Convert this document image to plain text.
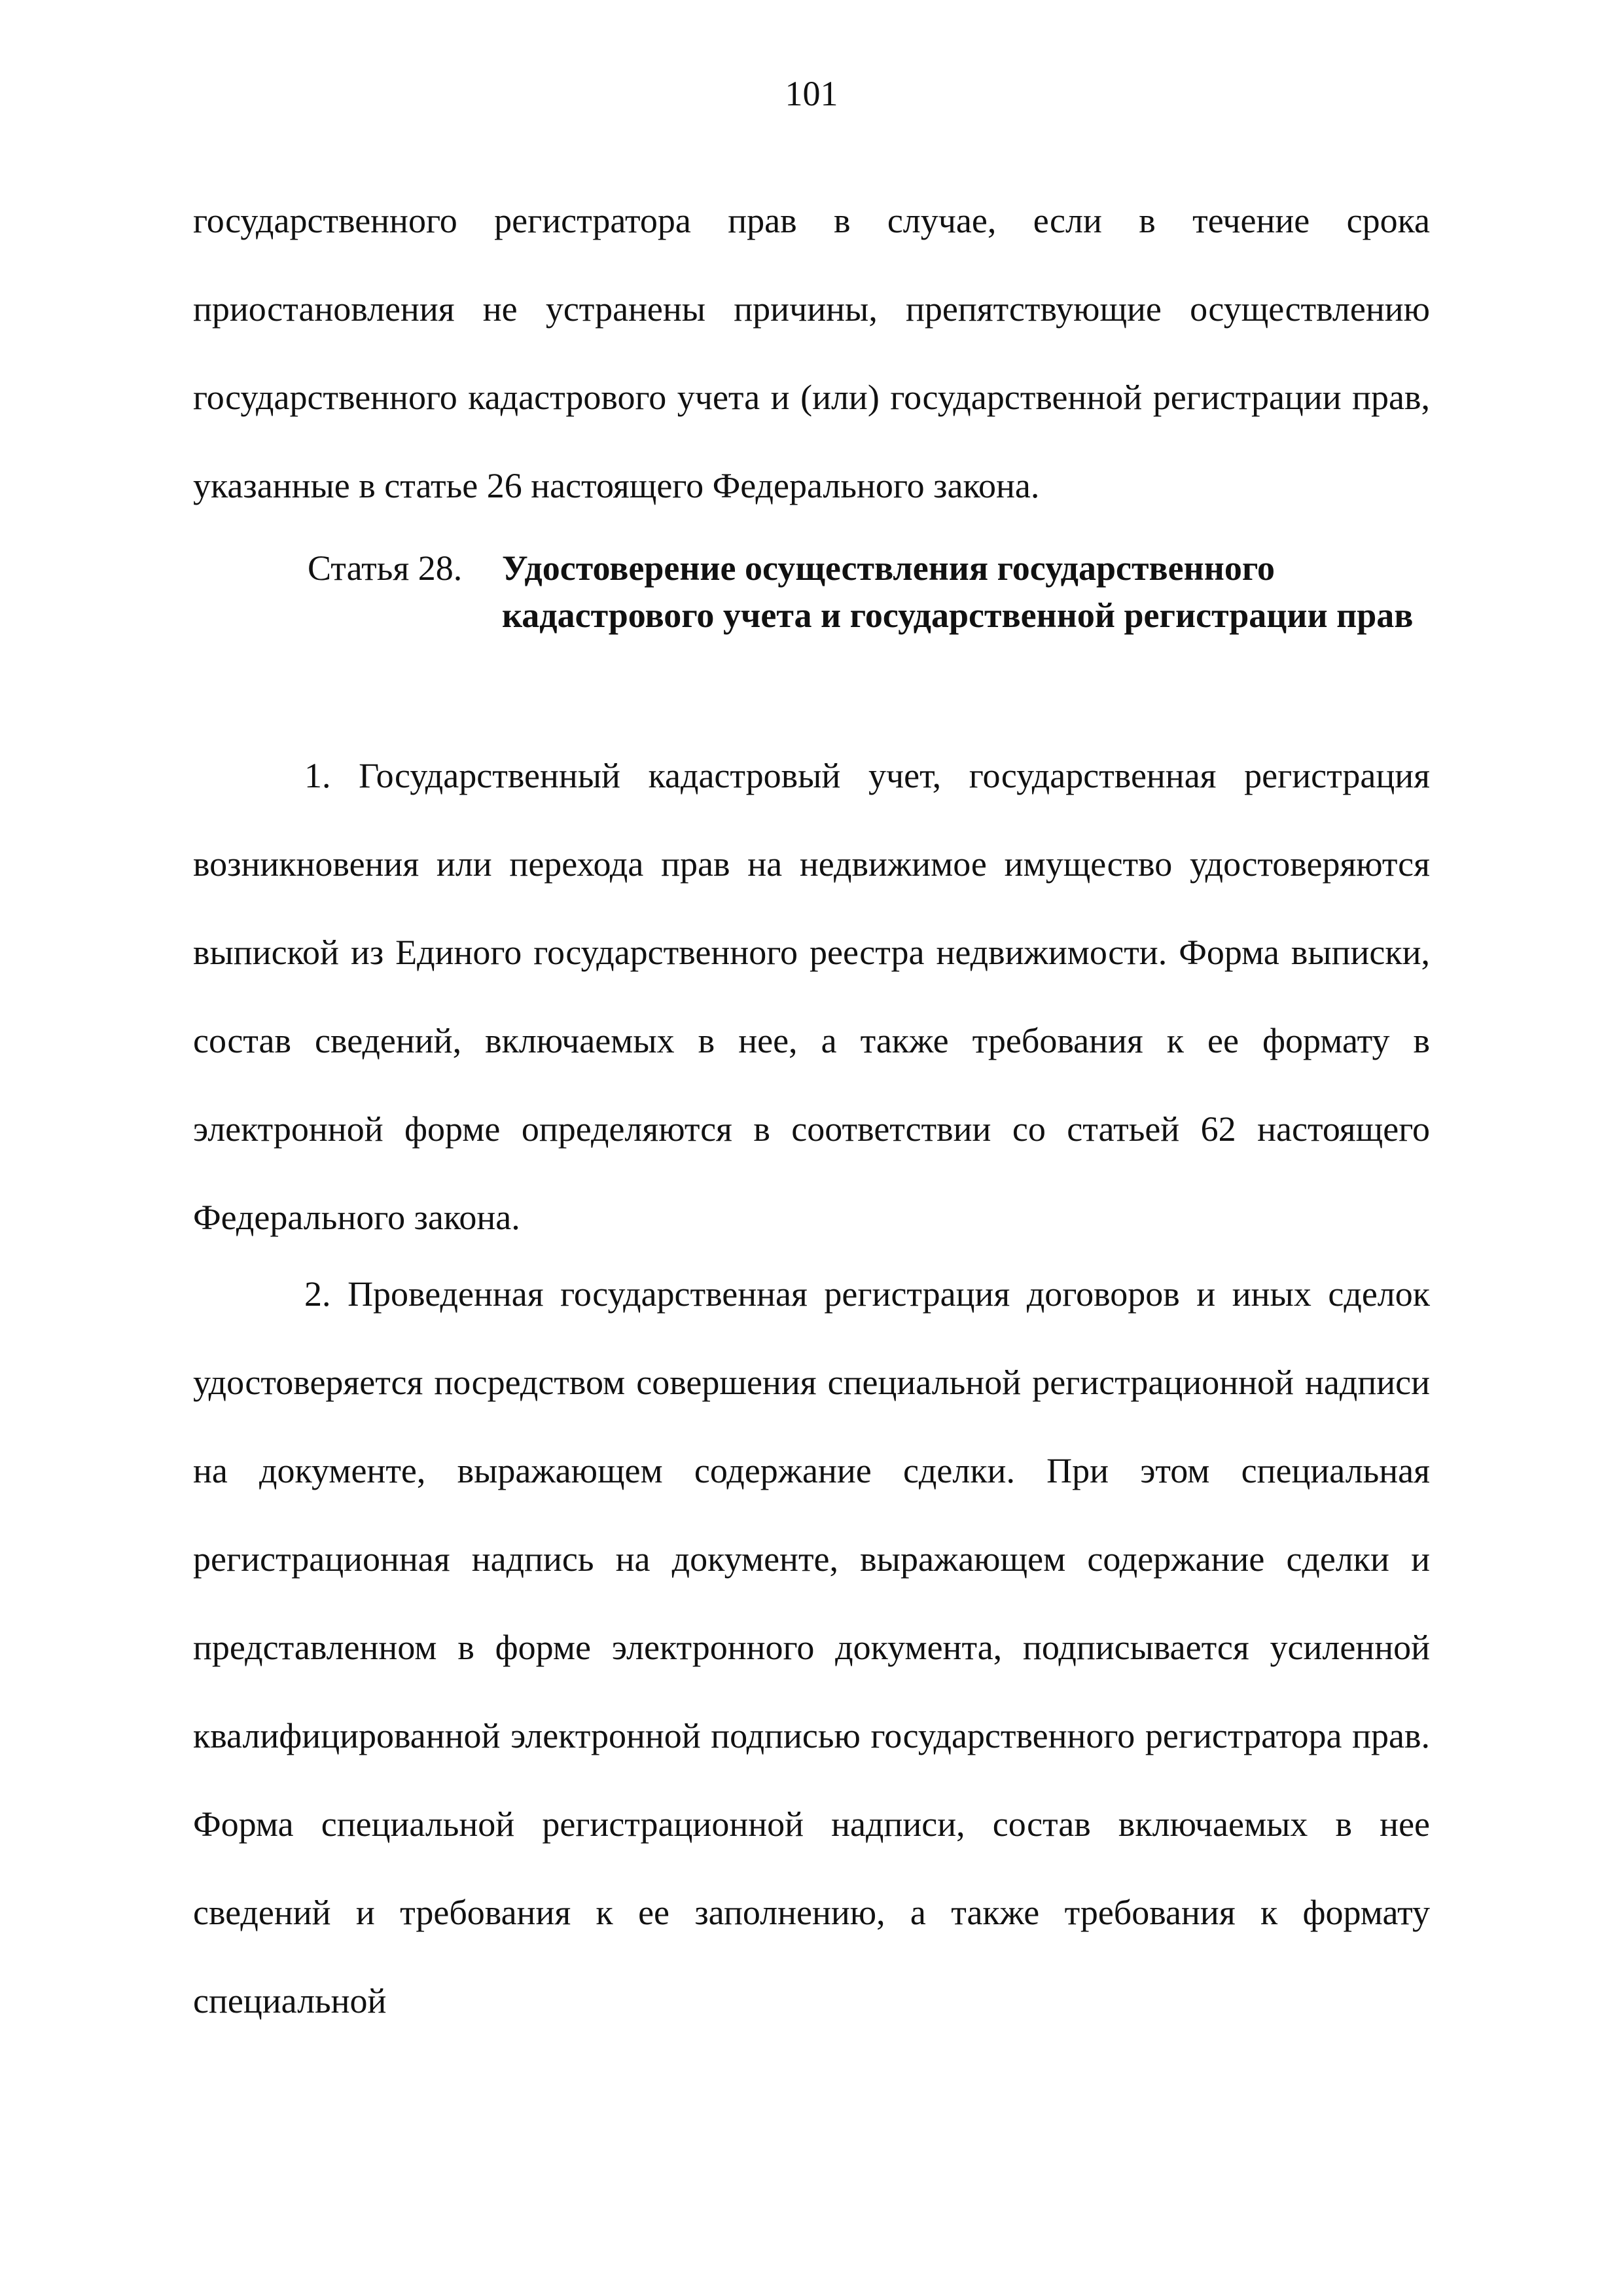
101

государственного регистратора прав в случае, если в течение срока приостановления не устранены причины, препятствующие осуществлению государственного кадастрового учета и (или) государственной регистрации прав, указанные в статье 26 настоящего Федерального закона.

Статья 28. Удостоверение осуществления государственного кадастрового учета и государственной регистрации прав

1. Государственный кадастровый учет, государственная регистрация возникновения или перехода прав на недвижимое имущество удостоверяются выпиской из Единого государственного реестра недвижимости. Форма выписки, состав сведений, включаемых в нее, а также требования к ее формату в электронной форме определяются в соответствии со статьей 62 настоящего Федерального закона.

2. Проведенная государственная регистрация договоров и иных сделок удостоверяется посредством совершения специальной регистрационной надписи на документе, выражающем содержание сделки. При этом специальная регистрационная надпись на документе, выражающем содержание сделки и представленном в форме электронного документа, подписывается усиленной квалифицированной электронной подписью государственного регистратора прав. Форма специальной регистрационной надписи, состав включаемых в нее сведений и требования к ее заполнению, а также требования к формату специальной
